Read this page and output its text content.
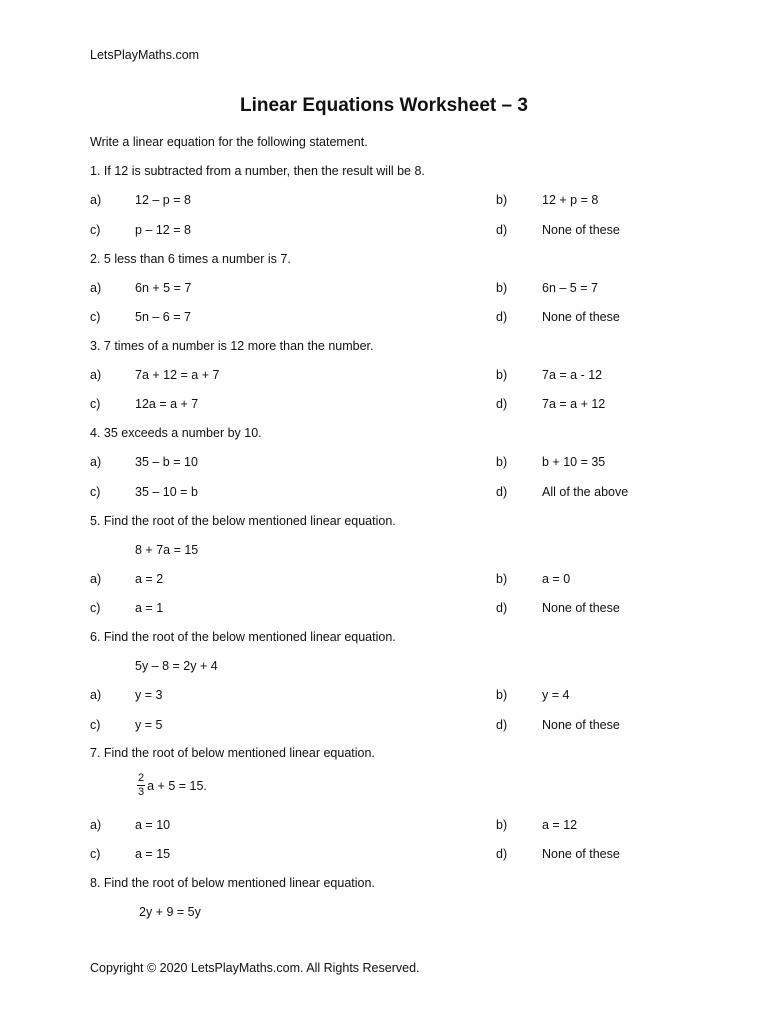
LetsPlayMaths.com
Linear Equations Worksheet – 3
Write a linear equation for the following statement.
1. If 12 is subtracted from a number, then the result will be 8.
a)	12 – p = 8	b)	12 + p = 8
c)	p – 12 = 8	d)	None of these
2. 5 less than 6 times a number is 7.
a)	6n + 5 = 7	b)	6n – 5 = 7
c)	5n – 6 = 7	d)	None of these
3. 7 times of a number is 12 more than the number.
a)	7a + 12 = a + 7	b)	7a = a - 12
c)	12a = a + 7	d)	7a = a + 12
4. 35 exceeds a number by 10.
a)	35 – b = 10	b)	b + 10 = 35
c)	35 – 10 = b	d)	All of the above
5. Find the root of the below mentioned linear equation.
8 + 7a = 15
a)	a = 2	b)	a = 0
c)	a = 1	d)	None of these
6. Find the root of the below mentioned linear equation.
5y – 8 = 2y + 4
a)	y = 3	b)	y = 4
c)	y = 5	d)	None of these
7. Find the root of below mentioned linear equation.
$\frac{2}{3}$ a + 5 = 15.
a)	a = 10	b)	a = 12
c)	a = 15	d)	None of these
8. Find the root of below mentioned linear equation.
2y + 9 = 5y
Copyright © 2020 LetsPlayMaths.com. All Rights Reserved.
